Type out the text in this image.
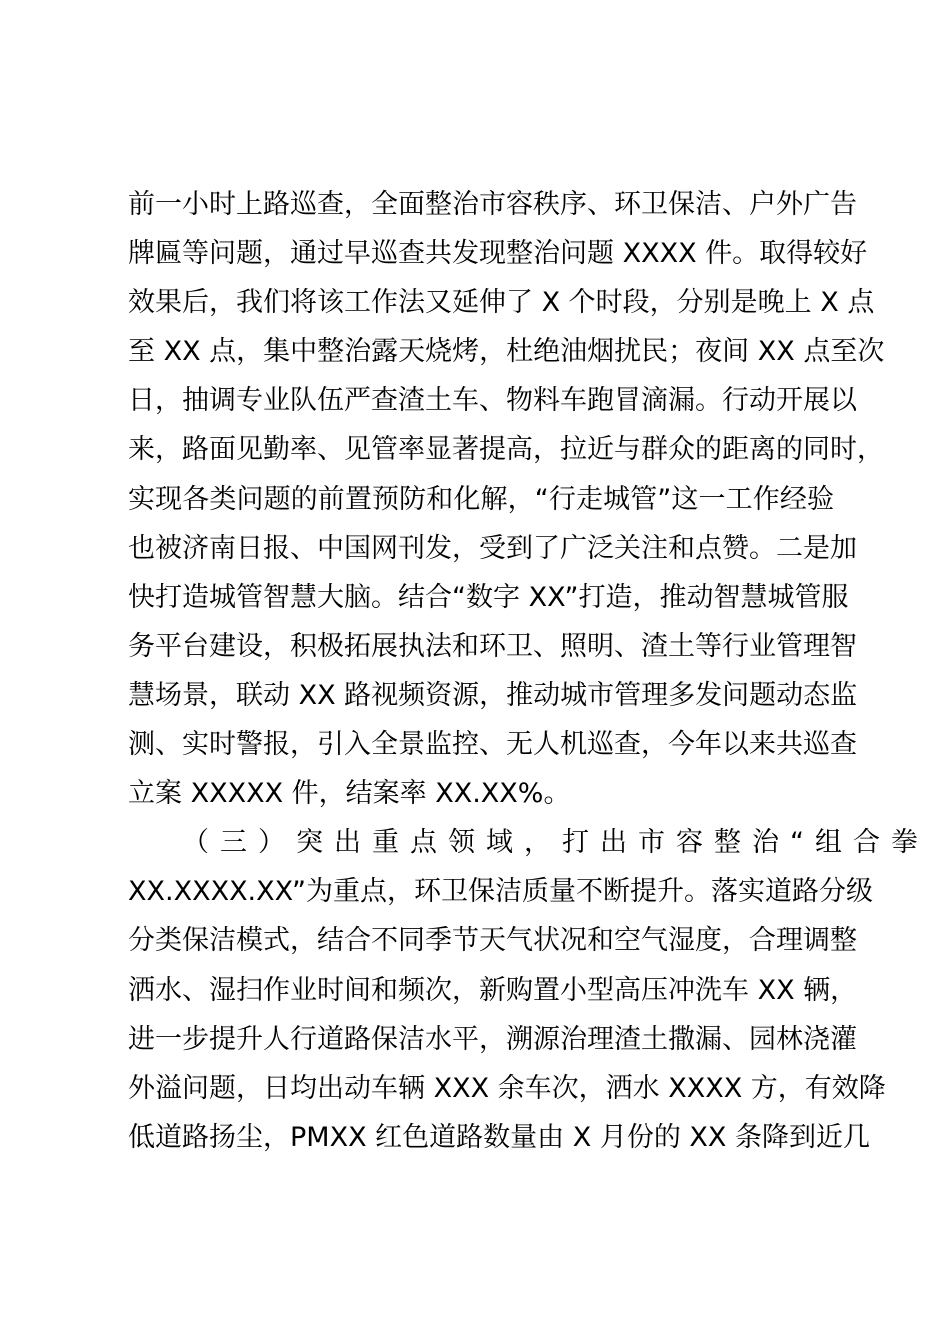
前一小时上路巡查，全面整治市容秩序、环卫保洁、户外广告
牌匾等问题，通过早巡查共发现整治问题 XXXX 件。取得较好
效果后，我们将该工作法又延伸了 X 个时段，分别是晚上 X 点
至 XX 点，集中整治露天烧烤，杜绝油烟扰民；夜间 XX 点至次
日，抽调专业队伍严查渣土车、物料车跑冒滴漏。行动开展以
来，路面见勤率、见管率显著提高，拉近与群众的距离的同时，
实现各类问题的前置预防和化解，“行走城管”这一工作经验
也被济南日报、中国网刊发，受到了广泛关注和点赞。二是加
快打造城管智慧大脑。结合“数字 XX”打造，推动智慧城管服
务平台建设，积极拓展执法和环卫、照明、渣土等行业管理智
慧场景，联动 XX 路视频资源，推动城市管理多发问题动态监
测、实时警报，引入全景监控、无人机巡查，今年以来共巡查
立案 XXXXX 件，结案率 XX.XX%。
（三）突出重点领域，打出市容整治“组合拳
XX.XXXX.XX”为重点，环卫保洁质量不断提升。落实道路分级
分类保洁模式，结合不同季节天气状况和空气湿度，合理调整
洒水、湿扫作业时间和频次，新购置小型高压冲洗车 XX 辆，
进一步提升人行道路保洁水平，溯源治理渣土撒漏、园林浇灌
外溢问题，日均出动车辆 XXX 余车次，洒水 XXXX 方，有效降
低道路扬尘，PMXX 红色道路数量由 X 月份的 XX 条降到近几
